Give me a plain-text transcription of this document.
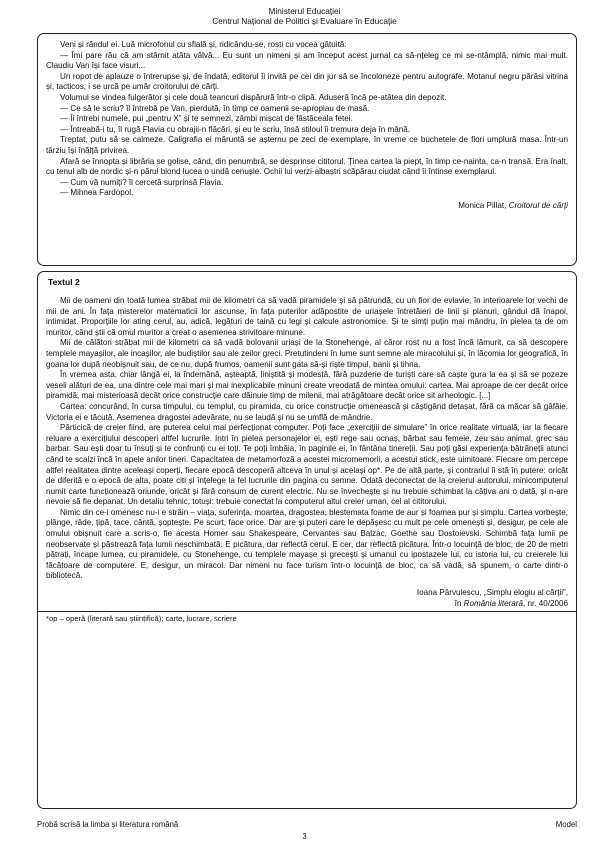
Ministerul Educației
Centrul Național de Politici și Evaluare în Educație

Veni și rândul ei. Luă microfonul cu sfială și, ridicându-se, rosti cu vocea gâtuită:

— Îmi pare rău că am stârnit atâta vâlvă... Eu sunt un nimeni și am început acest jurnal ca să-nțeleg ce mi se-ntâmplă, nimic mai mult. Claudiu Van își face visuri...

Un ropot de aplauze o întrerupse și, de îndată, editorul îi invită pe cei din jur să se încoloneze pentru autografe. Motanul negru părăsi vitrina și, tacticos, i se urcă pe umăr croitorului de cărți.

Volumul se vindea fulgerător și cele două teancuri dispărură într-o clipă. Aduseră încă pe-atâtea din depozit.

— Ce să le scriu? îl întrebă pe Van, pierdută, în timp ce oamenii se-apropiau de masă.

— Îi întrebi numele, pui „pentru X” și te semnezi, zâmbi mișcat de fâstâceala fetei.

— Întreabă-i tu, îl rugă Flavia cu obrajii-n flăcări, și eu le scriu, însă stiloul îi tremura deja în mână.

Treptat, putu să se calmeze. Caligrafia ei măruntă se așternu pe zeci de exemplare, în vreme ce buchetele de flori umplură masa. Într-un târziu își înălță privirea.

Afară se înnopta și librăria se golise, când, din penumbră, se desprinse cititorul. Ținea cartea la piept, în timp ce-nainta, ca-n transă. Era înalt, cu tenul alb de nordic și-n părul blond lucea o undă cenușie. Ochii lui verzi-albaștri scăpărau ciudat când îi întinse exemplarul.

— Cum vă numiți? îl cercetă surprinsă Flavia.

— Mihnea Fardopol.

Monica Pillat, Croitorul de cărți

Textul 2

Mii de oameni din toată lumea străbat mii de kilometri ca să vadă piramidele și să pătrundă, cu un fior de evlavie, în interioarele lor vechi de mii de ani. În fața misterelor matematicii lor ascunse, în fața puterilor adăpostite de uriașele întretăieri de linii și planuri, gândul dă înapoi, intimidat. Proporțiile lor ating cerul, au, adică, legături de taină cu legi și calcule astronomice. Și te simți puțin mai mândru, în pielea ta de om muritor, când știi că omul muritor a creat o asemenea strivitoare minune.

Mii de călători străbat mii de kilometri ca să vadă bolovanii uriași de la Stonehenge, al căror rost nu a fost încă lămurit, ca să descopere templele mayașilor, ale incașilor, ale budiștilor sau ale zeilor greci. Pretutindeni în lume sunt semne ale miracolului și, în lăcomia lor geografică, în goana lor după neobișnuit sau, de ce nu, după frumos, oamenii sunt gata să-și riște timpul, banii și tihna.

În vremea asta, chiar lângă ei, la îndemână, așteaptă, liniștită și modestă, fără puzderie de turiști care să caște gura la ea și să se pozeze veseli alături de ea, una dintre cele mai mari și mai inexplicabile minuni create vreodată de mintea omului: cartea. Mai aproape de cer decât orice piramidă, mai misterioasă decât orice construcție care dăinuie timp de milenii, mai atrăgătoare decât orice sit arheologic. [...]

Cartea: concurând, în cursa timpului, cu templul, cu piramida, cu orice construcție omenească și câștigând detașat, fără ca măcar să gâfâie. Victoria ei e tăcută. Asemenea dragostei adevărate, nu se laudă și nu se umflă de mândrie.

Părticică de creier fiind, are puterea celui mai perfecționat computer. Poți face „exercițiii de simulare” în orice realitate virtuală, iar la fiecare reluare a exercițiului descoperi altfel lucrurile. Intri în pielea personajelor ei, ești rege sau ocnaș, bărbat sau femeie, zeu sau animal, grec sau barbar. Sau ești doar tu însuți și te confrunți cu ei toți. Te poți îmbăia, în paginile ei, în fântâna tinereții. Sau poți găsi experiența bătrâneții atunci când te scalzi încă în apele anilor tineri. Capacitatea de metamorfoză a acestei micromemorii, a acestui stick, este uimitoare. Fiecare om percepe altfel realitatea dintre aceleași coperți, fiecare epocă descoperă altceva în unul și același op*. Pe de altă parte, și contrariul îi stă în putere: oricât de diferită e o epocă de alta, poate citi și înțelege la fel lucrurile din pagina cu semne. Odată deconectat de la creierul autorului, minicomputerul numit carte funcționează oriunde, oricât și fără consum de curent electric. Nu se învechește și nu trebuie schimbat la câțiva ani o dată, și n-are nevoie să fie depanat. Un detaliu tehnic, totuși: trebuie conectat la computerul altui creier uman, cel al cititorului.

Nimic din ce-i omenesc nu-i e străin – viața, suferința, moartea, dragostea, blestemata foame de aur și foamea pur și simplu. Cartea vorbește, plânge, râde, țipă, tace, cântă, șoptește. Pe scurt, face orice. Dar are și puteri care le depășesc cu mult pe cele omenești și, desigur, pe cele ale omului obișnuit care a scris-o, fie acesta Homer sau Shakespeare, Cervantes sau Balzac, Goethe sau Dostoievski. Schimbă fața lumii pe neobservate și păstrează fața lumii neschimbată. E picătura, dar reflectă cerul. E cer, dar reflectă picătura. Într-o locuință de bloc, de 20 de metri pătrați, încape lumea, cu piramidele, cu Stonehenge, cu templele mayașe și grecești și umanul cu ipostazele lui, cu istoria lui, cu creierele lui făcătoare de computere. E, desigur, un miracol. Dar nimeni nu face turism într-o locuință de bloc, ca să vadă, să spunem, o carte dintr-o bibliotecă.

Ioana Pârvulescu, „Simplu elogiu al cărții”,

în România literară, nr. 40/2006

*op – operă (literară sau științifică); carte, lucrare, scriere

Probă scrisă la limba și literatura română	Model
3
